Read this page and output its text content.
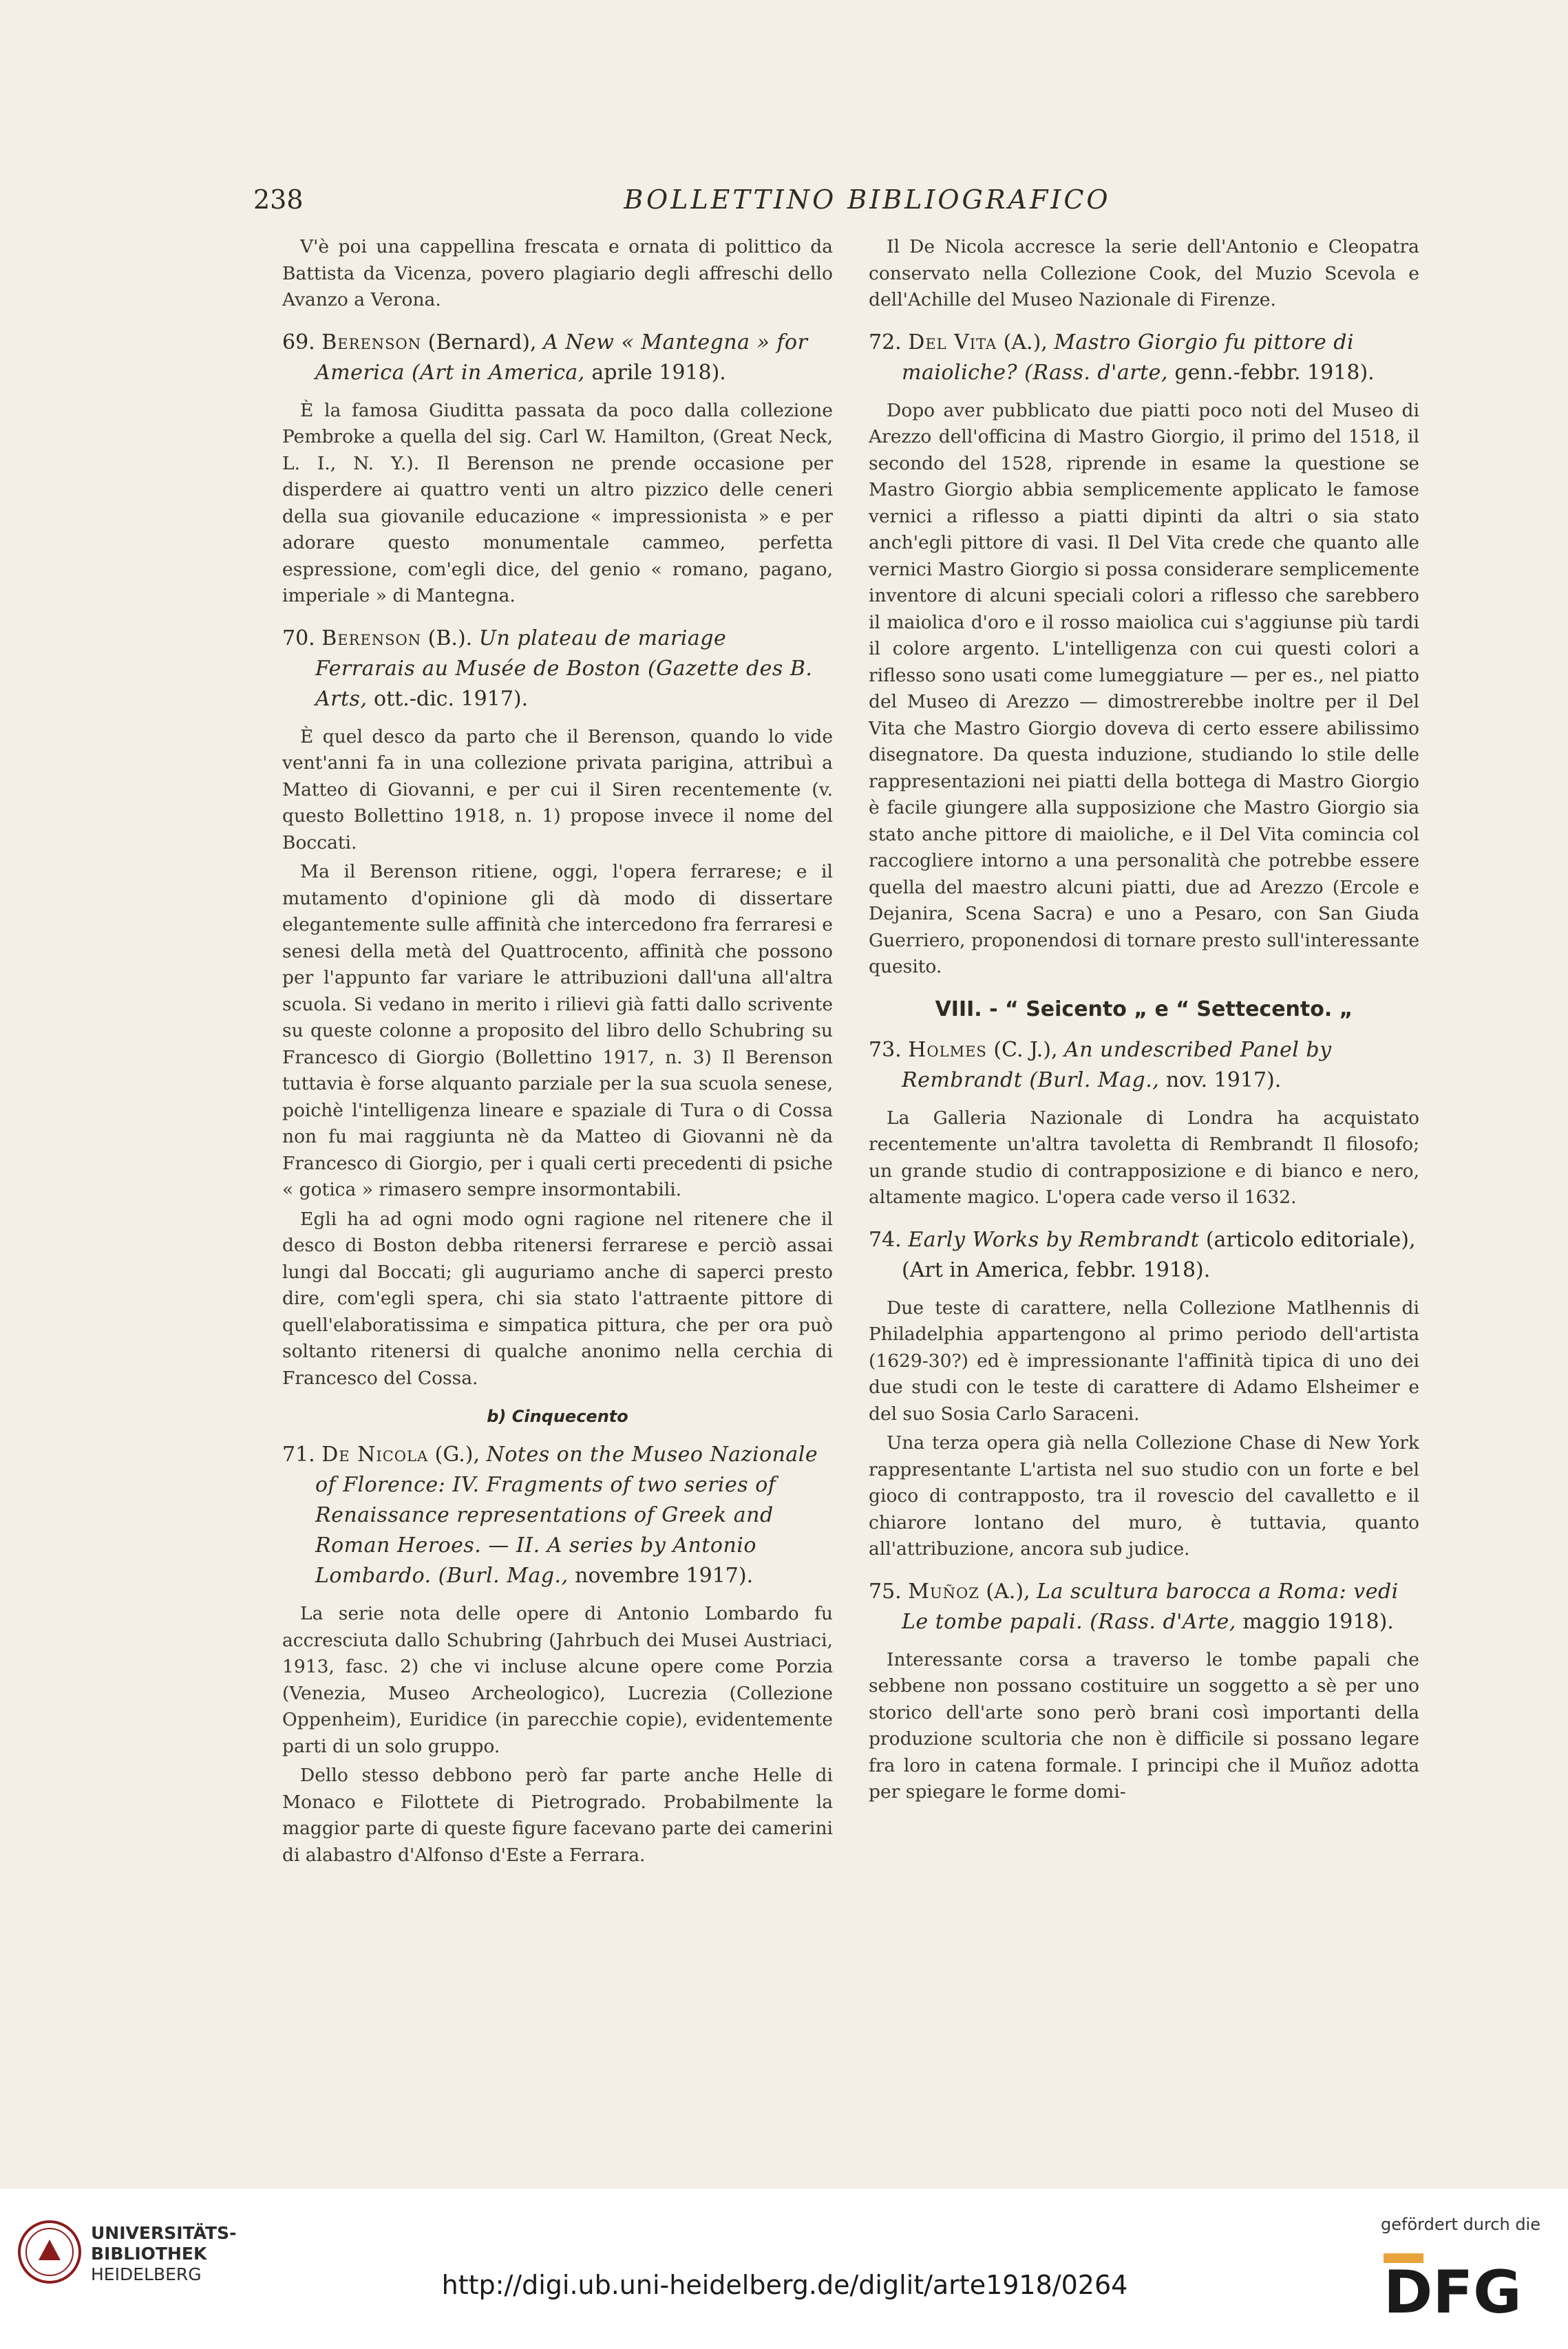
238	BOLLETTINO BIBLIOGRAFICO

V'è poi una cappellina frescata e ornata di polittico da Battista da Vicenza, povero plagiario degli affreschi dello Avanzo a Verona.

69. Berenson (Bernard), A New « Mantegna » for America (Art in America, aprile 1918).

È la famosa Giuditta passata da poco dalla collezione Pembroke a quella del sig. Carl W. Hamilton, (Great Neck, L. I., N. Y.). Il Berenson ne prende occasione per disperdere ai quattro venti un altro pizzico delle ceneri della sua giovanile educazione « impressionista » e per adorare questo monumentale cammeo, perfetta espressione, com'egli dice, del genio « romano, pagano, imperiale » di Mantegna.

70. Berenson (B.). Un plateau de mariage Ferrarais au Musée de Boston (Gazette des B. Arts, ott.-dic. 1917).

È quel desco da parto che il Berenson, quando lo vide vent'anni fa in una collezione privata parigina, attribuì a Matteo di Giovanni, e per cui il Siren recentemente (v. questo Bollettino 1918, n. 1) propose invece il nome del Boccati.

Ma il Berenson ritiene, oggi, l'opera ferrarese; e il mutamento d'opinione gli dà modo di dissertare elegantemente sulle affinità che intercedono fra ferraresi e senesi della metà del Quattrocento, affinità che possono per l'appunto far variare le attribuzioni dall'una all'altra scuola. Si vedano in merito i rilievi già fatti dallo scrivente su queste colonne a proposito del libro dello Schubring su Francesco di Giorgio (Bollettino 1917, n. 3) Il Berenson tuttavia è forse alquanto parziale per la sua scuola senese, poichè l'intelligenza lineare e spaziale di Tura o di Cossa non fu mai raggiunta nè da Matteo di Giovanni nè da Francesco di Giorgio, per i quali certi precedenti di psiche « gotica » rimasero sempre insormontabili.

Egli ha ad ogni modo ogni ragione nel ritenere che il desco di Boston debba ritenersi ferrarese e perciò assai lungi dal Boccati; gli auguriamo anche di saperci presto dire, com'egli spera, chi sia stato l'attraente pittore di quell'elaboratissima e simpatica pittura, che per ora può soltanto ritenersi di qualche anonimo nella cerchia di Francesco del Cossa.

b) Cinquecento
71. De Nicola (G.), Notes on the Museo Nazionale of Florence: IV. Fragments of two series of Renaissance representations of Greek and Roman Heroes. — II. A series by Antonio Lombardo. (Burl. Mag., novembre 1917).

La serie nota delle opere di Antonio Lombardo fu accresciuta dallo Schubring (Jahrbuch dei Musei Austriaci, 1913, fasc. 2) che vi incluse alcune opere come Porzia (Venezia, Museo Archeologico), Lucrezia (Collezione Oppenheim), Euridice (in parecchie copie), evidentemente parti di un solo gruppo.

Dello stesso debbono però far parte anche Helle di Monaco e Filottete di Pietrogrado. Probabilmente la maggior parte di queste figure facevano parte dei camerini di alabastro d'Alfonso d'Este a Ferrara.

Il De Nicola accresce la serie dell'Antonio e Cleopatra conservato nella Collezione Cook, del Muzio Scevola e dell'Achille del Museo Nazionale di Firenze.

72. Del Vita (A.), Mastro Giorgio fu pittore di maioliche? (Rass. d'arte, genn.-febbr. 1918).

Dopo aver pubblicato due piatti poco noti del Museo di Arezzo dell'officina di Mastro Giorgio, il primo del 1518, il secondo del 1528, riprende in esame la questione se Mastro Giorgio abbia semplicemente applicato le famose vernici a riflesso a piatti dipinti da altri o sia stato anch'egli pittore di vasi. Il Del Vita crede che quanto alle vernici Mastro Giorgio si possa considerare semplicemente inventore di alcuni speciali colori a riflesso che sarebbero il maiolica d'oro e il rosso maiolica cui s'aggiunse più tardi il colore argento. L'intelligenza con cui questi colori a riflesso sono usati come lumeggiature — per es., nel piatto del Museo di Arezzo — dimostrerebbe inoltre per il Del Vita che Mastro Giorgio doveva di certo essere abilissimo disegnatore. Da questa induzione, studiando lo stile delle rappresentazioni nei piatti della bottega di Mastro Giorgio è facile giungere alla supposizione che Mastro Giorgio sia stato anche pittore di maioliche, e il Del Vita comincia col raccogliere intorno a una personalità che potrebbe essere quella del maestro alcuni piatti, due ad Arezzo (Ercole e Dejanira, Scena Sacra) e uno a Pesaro, con San Giuda Guerriero, proponendosi di tornare presto sull'interessante quesito.

VIII. - “ Seicento „ e “ Settecento. „
73. Holmes (C. J.), An undescribed Panel by Rembrandt (Burl. Mag., nov. 1917).

La Galleria Nazionale di Londra ha acquistato recentemente un'altra tavoletta di Rembrandt Il filosofo; un grande studio di contrapposizione e di bianco e nero, altamente magico. L'opera cade verso il 1632.

74. Early Works by Rembrandt (articolo editoriale), (Art in America, febbr. 1918).

Due teste di carattere, nella Collezione Matlhennis di Philadelphia appartengono al primo periodo dell'artista (1629-30?) ed è impressionante l'affinità tipica di uno dei due studi con le teste di carattere di Adamo Elsheimer e del suo Sosia Carlo Saraceni.

Una terza opera già nella Collezione Chase di New York rappresentante L'artista nel suo studio con un forte e bel gioco di contrapposto, tra il rovescio del cavalletto e il chiarore lontano del muro, è tuttavia, quanto all'attribuzione, ancora sub judice.

75. Muñoz (A.), La scultura barocca a Roma: vedi Le tombe papali. (Rass. d'Arte, maggio 1918).

Interessante corsa a traverso le tombe papali che sebbene non possano costituire un soggetto a sè per uno storico dell'arte sono però brani così importanti della produzione scultoria che non è difficile si possano legare fra loro in catena formale. I principi che il Muñoz adotta per spiegare le forme domi-

UNIVERSITÄTS-
BIBLIOTHEK
HEIDELBERG	http://digi.ub.uni-heidelberg.de/diglit/arte1918/0264
gefördert durch die
DFG
